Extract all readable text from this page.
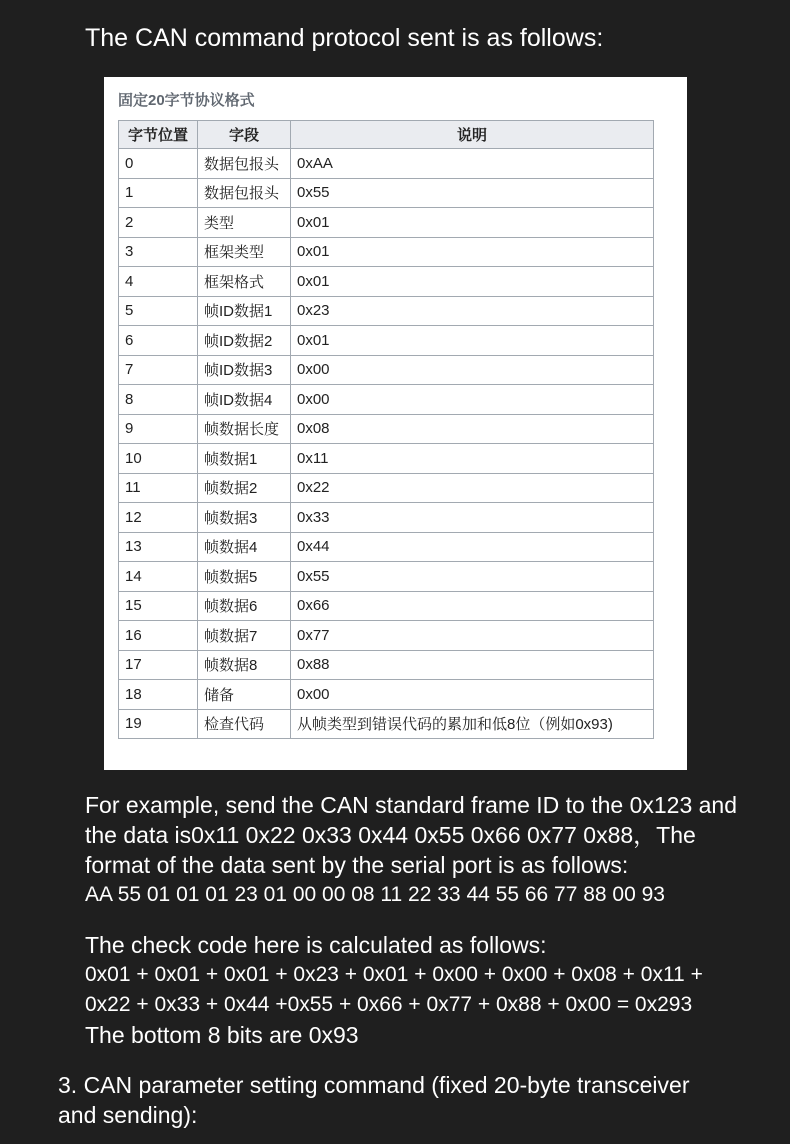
The CAN command protocol sent is as follows:
固定20字节协议格式
字节位置	字段	说明
0	数据包报头	0xAA
1	数据包报头	0x55
2	类型	0x01
3	框架类型	0x01
4	框架格式	0x01
5	帧ID数据1	0x23
6	帧ID数据2	0x01
7	帧ID数据3	0x00
8	帧ID数据4	0x00
9	帧数据长度	0x08
10	帧数据1	0x11
11	帧数据2	0x22
12	帧数据3	0x33
13	帧数据4	0x44
14	帧数据5	0x55
15	帧数据6	0x66
16	帧数据7	0x77
17	帧数据8	0x88
18	储备	0x00
19	检查代码	从帧类型到错误代码的累加和低8位（例如0x93)
For example, send the CAN standard frame ID to the 0x123 and
the data is0x11 0x22 0x33 0x44 0x55 0x66 0x77 0x88，The
format of the data sent by the serial port is as follows:
AA 55 01 01 01 23 01 00 00 08 11 22 33 44 55 66 77 88 00 93
The check code here is calculated as follows:
0x01 + 0x01 + 0x01 + 0x23 + 0x01 + 0x00 + 0x00 + 0x08 + 0x11 +
0x22 + 0x33 + 0x44 +0x55 + 0x66 + 0x77 + 0x88 + 0x00 = 0x293
The bottom 8 bits are 0x93
3. CAN parameter setting command (fixed 20-byte transceiver
and sending):
